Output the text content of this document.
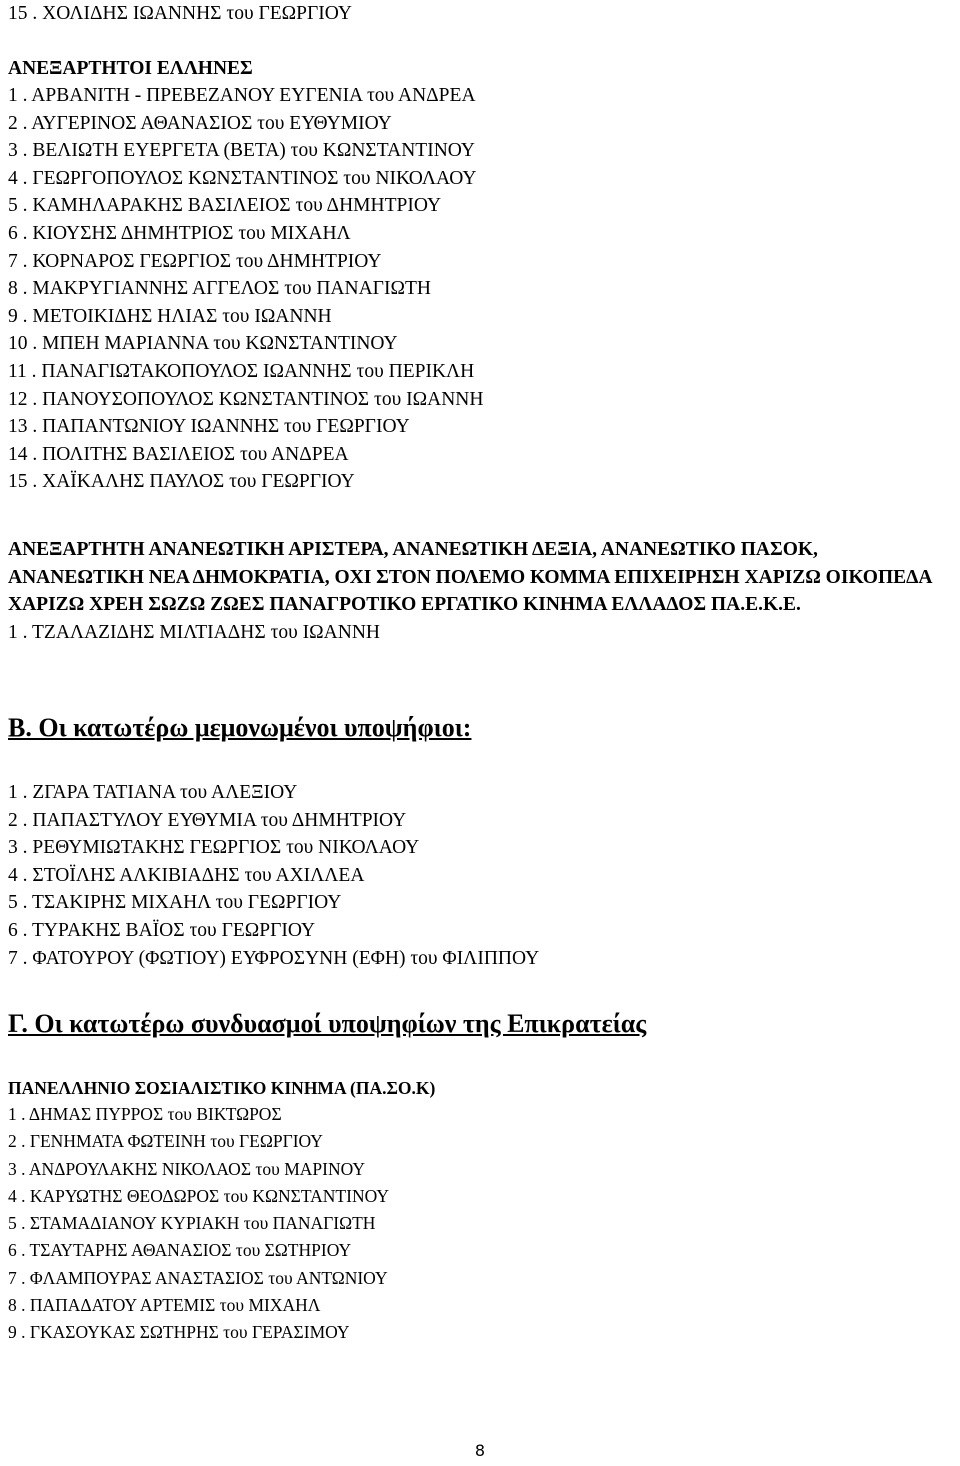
15 . ΧΟΛΙΔΗΣ ΙΩΑΝΝΗΣ του ΓΕΩΡΓΙΟΥ

ΑΝΕΞΑΡΤΗΤΟΙ ΕΛΛΗΝΕΣ

1 . ΑΡΒΑΝΙΤΗ - ΠΡΕΒΕΖΑΝΟΥ ΕΥΓΕΝΙΑ του ΑΝΔΡΕΑ

2 . ΑΥΓΕΡΙΝΟΣ ΑΘΑΝΑΣΙΟΣ του ΕΥΘΥΜΙΟΥ

3 . ΒΕΛΙΩΤΗ ΕΥΕΡΓΕΤΑ (ΒΕΤΑ) του ΚΩΝΣΤΑΝΤΙΝΟΥ

4 . ΓΕΩΡΓΟΠΟΥΛΟΣ ΚΩΝΣΤΑΝΤΙΝΟΣ του ΝΙΚΟΛΑΟΥ

5 . ΚΑΜΗΛΑΡΑΚΗΣ ΒΑΣΙΛΕΙΟΣ του ΔΗΜΗΤΡΙΟΥ

6 . ΚΙΟΥΣΗΣ ΔΗΜΗΤΡΙΟΣ του ΜΙΧΑΗΛ

7 . ΚΟΡΝΑΡΟΣ ΓΕΩΡΓΙΟΣ του ΔΗΜΗΤΡΙΟΥ

8 . ΜΑΚΡΥΓΙΑΝΝΗΣ ΑΓΓΕΛΟΣ του ΠΑΝΑΓΙΩΤΗ

9 . ΜΕΤΟΙΚΙΔΗΣ ΗΛΙΑΣ του ΙΩΑΝΝΗ

10 . ΜΠΕΗ ΜΑΡΙΑΝΝΑ του ΚΩΝΣΤΑΝΤΙΝΟΥ

11 . ΠΑΝΑΓΙΩΤΑΚΟΠΟΥΛΟΣ ΙΩΑΝΝΗΣ του ΠΕΡΙΚΛΗ

12 . ΠΑΝΟΥΣΟΠΟΥΛΟΣ ΚΩΝΣΤΑΝΤΙΝΟΣ του ΙΩΑΝΝΗ

13 . ΠΑΠΑΝΤΩΝΙΟΥ ΙΩΑΝΝΗΣ του ΓΕΩΡΓΙΟΥ

14 . ΠΟΛΙΤΗΣ ΒΑΣΙΛΕΙΟΣ του ΑΝΔΡΕΑ

15 . ΧΑΪΚΑΛΗΣ ΠΑΥΛΟΣ του ΓΕΩΡΓΙΟΥ

ΑΝΕΞΑΡΤΗΤΗ ΑΝΑΝΕΩΤΙΚΗ ΑΡΙΣΤΕΡΑ, ΑΝΑΝΕΩΤΙΚΗ ΔΕΞΙΑ, ΑΝΑΝΕΩΤΙΚΟ ΠΑΣΟΚ, ΑΝΑΝΕΩΤΙΚΗ ΝΕΑ ΔΗΜΟΚΡΑΤΙΑ, ΟΧΙ ΣΤΟΝ ΠΟΛΕΜΟ ΚΟΜΜΑ ΕΠΙΧΕΙΡΗΣΗ ΧΑΡΙΖΩ ΟΙΚΟΠΕΔΑ ΧΑΡΙΖΩ ΧΡΕΗ ΣΩΖΩ ΖΩΕΣ ΠΑΝΑΓΡΟΤΙΚΟ ΕΡΓΑΤΙΚΟ ΚΙΝΗΜΑ ΕΛΛΑΔΟΣ ΠΑ.Ε.Κ.Ε.

1 . ΤΖΑΛΑΖΙΔΗΣ ΜΙΛΤΙΑΔΗΣ του ΙΩΑΝΝΗ

Β. Οι κατωτέρω μεμονωμένοι υποψήφιοι:

1 . ΖΓΑΡΑ ΤΑΤΙΑΝΑ του ΑΛΕΞΙΟΥ

2 . ΠΑΠΑΣΤΥΛΟΥ ΕΥΘΥΜΙΑ του ΔΗΜΗΤΡΙΟΥ

3 . ΡΕΘΥΜΙΩΤΑΚΗΣ ΓΕΩΡΓΙΟΣ του ΝΙΚΟΛΑΟΥ

4 . ΣΤΟΪΛΗΣ ΑΛΚΙΒΙΑΔΗΣ του ΑΧΙΛΛΕΑ

5 . ΤΣΑΚΙΡΗΣ ΜΙΧΑΗΛ του ΓΕΩΡΓΙΟΥ

6 . ΤΥΡΑΚΗΣ ΒΑΪΟΣ του ΓΕΩΡΓΙΟΥ

7 . ΦΑΤΟΥΡΟΥ (ΦΩΤΙΟΥ) ΕΥΦΡΟΣΥΝΗ (ΕΦΗ) του ΦΙΛΙΠΠΟΥ

Γ. Οι κατωτέρω συνδυασμοί υποψηφίων της Επικρατείας

ΠΑΝΕΛΛΗΝΙΟ ΣΟΣΙΑΛΙΣΤΙΚΟ ΚΙΝΗΜΑ (ΠΑ.ΣΟ.Κ)

1 . ΔΗΜΑΣ ΠΥΡΡΟΣ του ΒΙΚΤΩΡΟΣ

2 . ΓΕΝΗΜΑΤΑ ΦΩΤΕΙΝΗ του ΓΕΩΡΓΙΟΥ

3 . ΑΝΔΡΟΥΛΑΚΗΣ ΝΙΚΟΛΑΟΣ του ΜΑΡΙΝΟΥ

4 . ΚΑΡΥΩΤΗΣ ΘΕΟΔΩΡΟΣ του ΚΩΝΣΤΑΝΤΙΝΟΥ

5 . ΣΤΑΜΑΔΙΑΝΟΥ ΚΥΡΙΑΚΗ του ΠΑΝΑΓΙΩΤΗ

6 . ΤΣΑΥΤΑΡΗΣ ΑΘΑΝΑΣΙΟΣ του ΣΩΤΗΡΙΟΥ

7 . ΦΛΑΜΠΟΥΡΑΣ ΑΝΑΣΤΑΣΙΟΣ του ΑΝΤΩΝΙΟΥ

8 . ΠΑΠΑΔΑΤΟΥ ΑΡΤΕΜΙΣ του ΜΙΧΑΗΛ

9 . ΓΚΑΣΟΥΚΑΣ ΣΩΤΗΡΗΣ του ΓΕΡΑΣΙΜΟΥ

8
